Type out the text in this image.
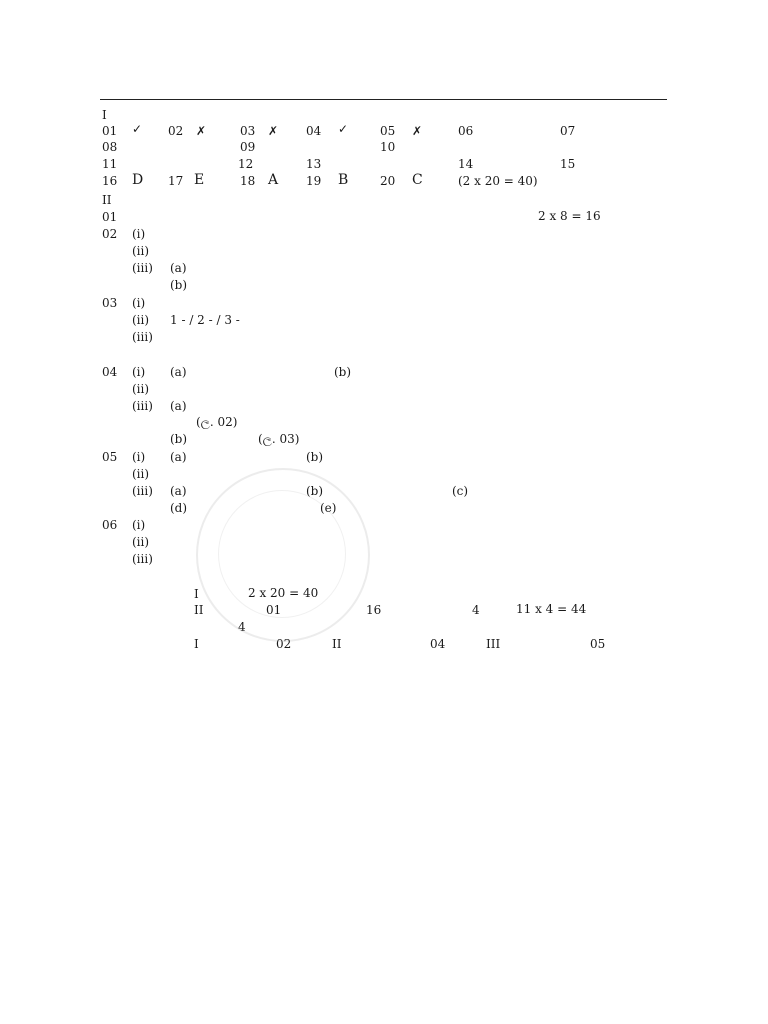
I
01 ✓ 02 ✗	03 ✗ 04 ✓	05 ✗	06	07
08	09	10
11	12	13	14	15
16 D 17 E	18 A 19 B	20 C	(2 x 20 = 40)
II
01	2 x 8 = 16
02 (i)
(ii)
(iii) (a)
(b)
03 (i)
(ii) 1 - / 2 - / 3 -
(iii)
04 (i) (a)	(b)
(ii)
(iii) (a)
(ල. 02)
(b)	(ල. 03)
05 (i) (a)	(b)
(ii)
(iii) (a)	(b)	(c)
(d)	(e)
06 (i)
(ii)
(iii)
I	2 x 20 = 40
II	01	16	4	11 x 4 = 44
4
I	02	II	04	III	05
